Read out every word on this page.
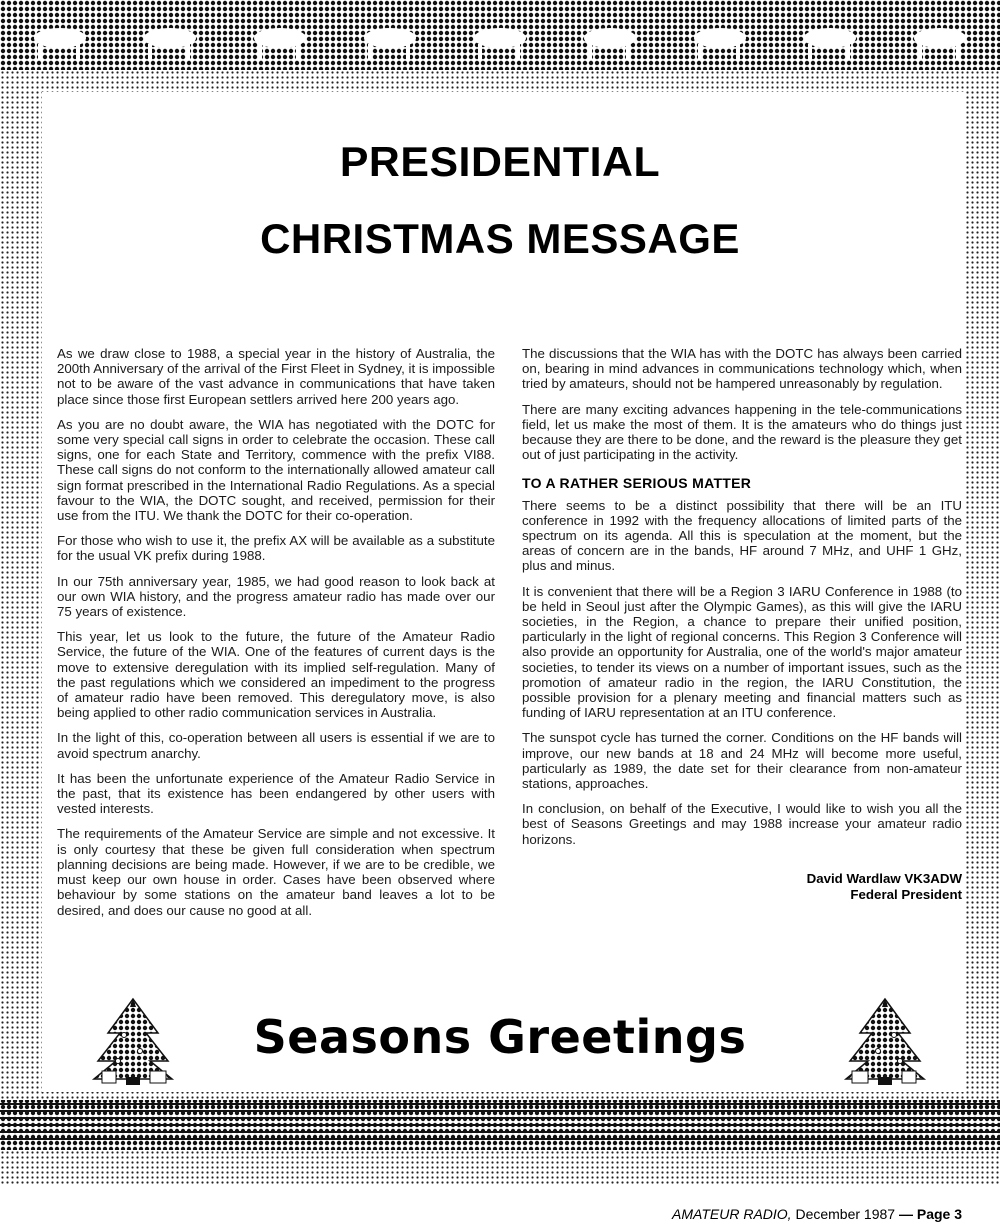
PRESIDENTIAL
CHRISTMAS MESSAGE

As we draw close to 1988, a special year in the history of Australia, the 200th Anniversary of the arrival of the First Fleet in Sydney, it is impossible not to be aware of the vast advance in communications that have taken place since those first European settlers arrived here 200 years ago.

As you are no doubt aware, the WIA has negotiated with the DOTC for some very special call signs in order to celebrate the occasion. These call signs, one for each State and Territory, commence with the prefix VI88. These call signs do not conform to the internationally allowed amateur call sign format prescribed in the International Radio Regulations. As a special favour to the WIA, the DOTC sought, and received, permission for their use from the ITU. We thank the DOTC for their co-operation.

For those who wish to use it, the prefix AX will be available as a substitute for the usual VK prefix during 1988.

In our 75th anniversary year, 1985, we had good reason to look back at our own WIA history, and the progress amateur radio has made over our 75 years of existence.

This year, let us look to the future, the future of the Amateur Radio Service, the future of the WIA. One of the features of current days is the move to extensive deregulation with its implied self-regulation. Many of the past regulations which we considered an impediment to the progress of amateur radio have been removed. This deregulatory move, is also being applied to other radio communication services in Australia.

In the light of this, co-operation between all users is essential if we are to avoid spectrum anarchy.

It has been the unfortunate experience of the Amateur Radio Service in the past, that its existence has been endangered by other users with vested interests.

The requirements of the Amateur Service are simple and not excessive. It is only courtesy that these be given full consideration when spectrum planning decisions are being made. However, if we are to be credible, we must keep our own house in order. Cases have been observed where behaviour by some stations on the amateur band leaves a lot to be desired, and does our cause no good at all.

The discussions that the WIA has with the DOTC has always been carried on, bearing in mind advances in communications technology which, when tried by amateurs, should not be hampered unreasonably by regulation.

There are many exciting advances happening in the tele-communications field, let us make the most of them. It is the amateurs who do things just because they are there to be done, and the reward is the pleasure they get out of just participating in the activity.

TO A RATHER SERIOUS MATTER

There seems to be a distinct possibility that there will be an ITU conference in 1992 with the frequency allocations of limited parts of the spectrum on its agenda. All this is speculation at the moment, but the areas of concern are in the bands, HF around 7 MHz, and UHF 1 GHz, plus and minus.

It is convenient that there will be a Region 3 IARU Conference in 1988 (to be held in Seoul just after the Olympic Games), as this will give the IARU societies, in the Region, a chance to prepare their unified position, particularly in the light of regional concerns. This Region 3 Conference will also provide an opportunity for Australia, one of the world's major amateur societies, to tender its views on a number of important issues, such as the promotion of amateur radio in the region, the IARU Constitution, the possible provision for a plenary meeting and financial matters such as funding of IARU representation at an ITU conference.

The sunspot cycle has turned the corner. Conditions on the HF bands will improve, our new bands at 18 and 24 MHz will become more useful, particularly as 1989, the date set for their clearance from non-amateur stations, approaches.

In conclusion, on behalf of the Executive, I would like to wish you all the best of Seasons Greetings and may 1988 increase your amateur radio horizons.

David Wardlaw VK3ADW
Federal President
Seasons Greetings
AMATEUR RADIO, December 1987 — Page 3
